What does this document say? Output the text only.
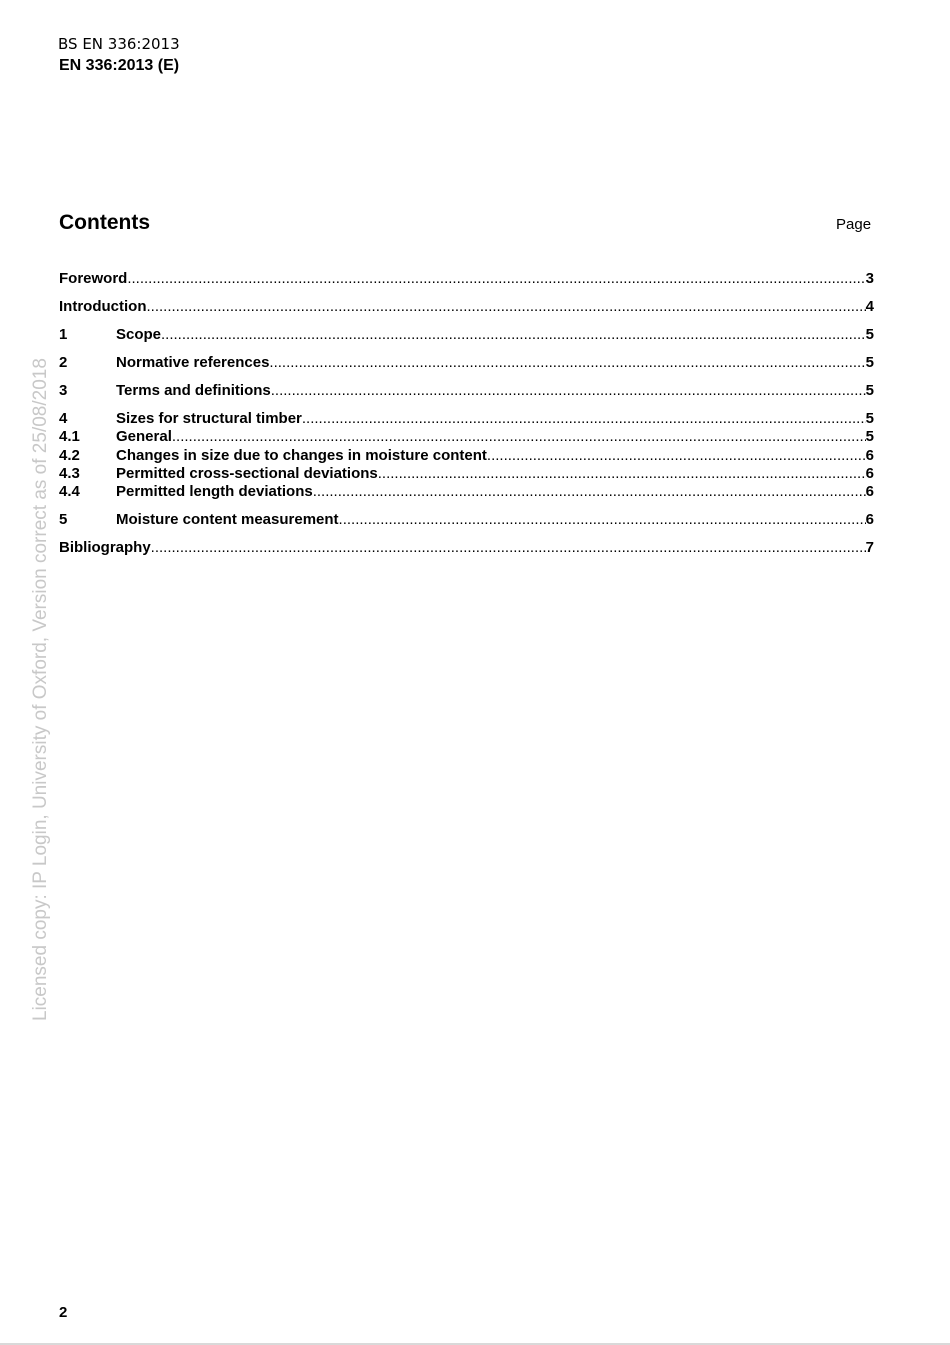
BS EN 336:2013
EN 336:2013 (E)
Contents	Page
Foreword .....	3
Introduction .....	4
1	Scope .....	5
2	Normative references .....	5
3	Terms and definitions .....	5
4	Sizes for structural timber .....	5
4.1	General .....	5
4.2	Changes in size due to changes in moisture content .....	6
4.3	Permitted cross-sectional deviations .....	6
4.4	Permitted length deviations .....	6
5	Moisture content measurement .....	6
Bibliography .....	7
Licensed copy: IP Login, University of Oxford, Version correct as of 25/08/2018
2
